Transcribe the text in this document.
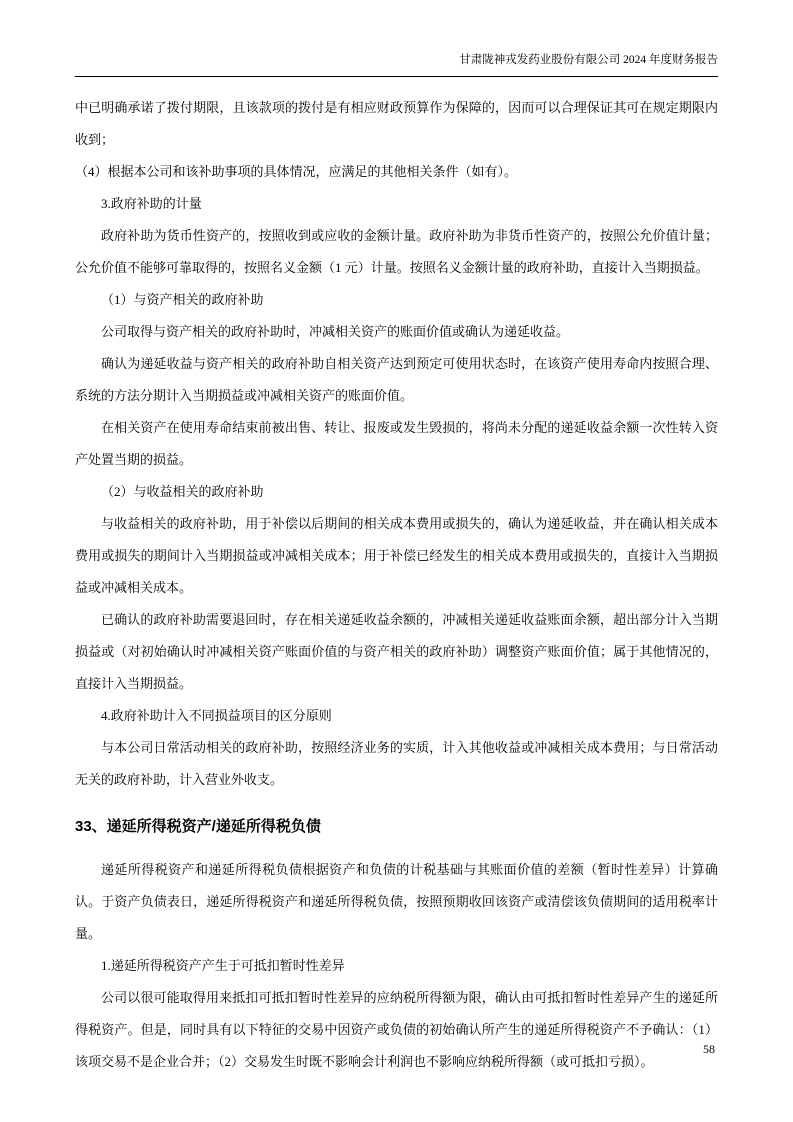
甘肃陇神戎发药业股份有限公司 2024 年度财务报告

中已明确承诺了拨付期限，且该款项的拨付是有相应财政预算作为保障的，因而可以合理保证其可在规定期限内收到；

（4）根据本公司和该补助事项的具体情况，应满足的其他相关条件（如有）。

3.政府补助的计量

政府补助为货币性资产的，按照收到或应收的金额计量。政府补助为非货币性资产的，按照公允价值计量；公允价值不能够可靠取得的，按照名义金额（1 元）计量。按照名义金额计量的政府补助，直接计入当期损益。

（1）与资产相关的政府补助

公司取得与资产相关的政府补助时，冲减相关资产的账面价值或确认为递延收益。

确认为递延收益与资产相关的政府补助自相关资产达到预定可使用状态时，在该资产使用寿命内按照合理、系统的方法分期计入当期损益或冲减相关资产的账面价值。

在相关资产在使用寿命结束前被出售、转让、报废或发生毁损的，将尚未分配的递延收益余额一次性转入资产处置当期的损益。

（2）与收益相关的政府补助

与收益相关的政府补助，用于补偿以后期间的相关成本费用或损失的，确认为递延收益，并在确认相关成本费用或损失的期间计入当期损益或冲减相关成本；用于补偿已经发生的相关成本费用或损失的，直接计入当期损益或冲减相关成本。

已确认的政府补助需要退回时，存在相关递延收益余额的，冲减相关递延收益账面余额，超出部分计入当期损益或（对初始确认时冲减相关资产账面价值的与资产相关的政府补助）调整资产账面价值；属于其他情况的，直接计入当期损益。

4.政府补助计入不同损益项目的区分原则

与本公司日常活动相关的政府补助，按照经济业务的实质，计入其他收益或冲减相关成本费用；与日常活动无关的政府补助，计入营业外收支。

33、递延所得税资产/递延所得税负债

递延所得税资产和递延所得税负债根据资产和负债的计税基础与其账面价值的差额（暂时性差异）计算确认。于资产负债表日，递延所得税资产和递延所得税负债，按照预期收回该资产或清偿该负债期间的适用税率计量。

1.递延所得税资产产生于可抵扣暂时性差异

公司以很可能取得用来抵扣可抵扣暂时性差异的应纳税所得额为限，确认由可抵扣暂时性差异产生的递延所得税资产。但是，同时具有以下特征的交易中因资产或负债的初始确认所产生的递延所得税资产不予确认：（1）该项交易不是企业合并；（2）交易发生时既不影响会计利润也不影响应纳税所得额（或可抵扣亏损）。

58
